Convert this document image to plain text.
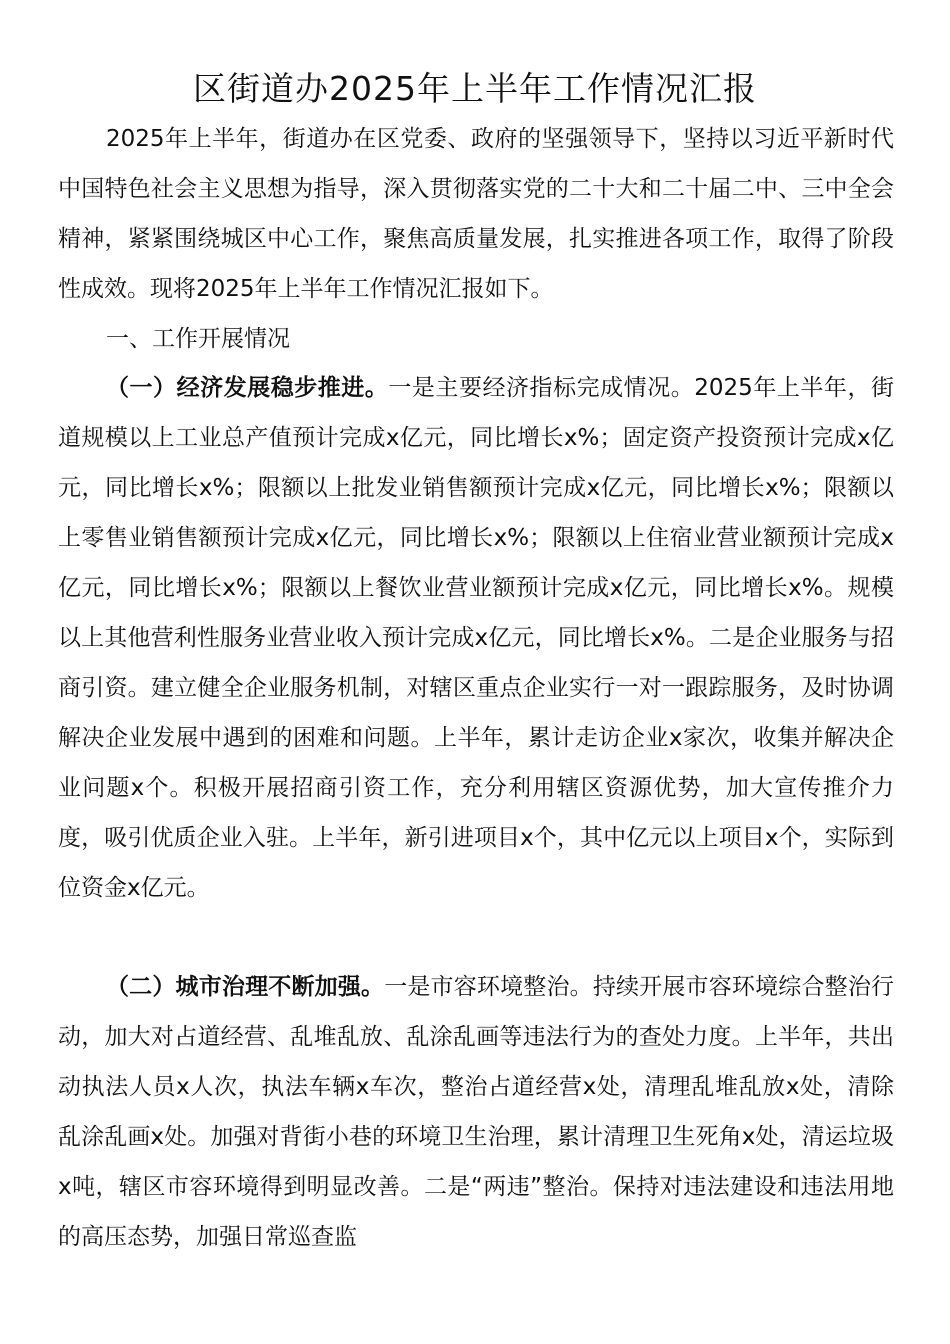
区街道办2025年上半年工作情况汇报

2025年上半年，街道办在区党委、政府的坚强领导下，坚持以习近平新时代中国特色社会主义思想为指导，深入贯彻落实党的二十大和二十届二中、三中全会精神，紧紧围绕城区中心工作，聚焦高质量发展，扎实推进各项工作，取得了阶段性成效。现将2025年上半年工作情况汇报如下。

一、工作开展情况

（一）经济发展稳步推进。一是主要经济指标完成情况。2025年上半年，街道规模以上工业总产值预计完成x亿元，同比增长x%；固定资产投资预计完成x亿元，同比增长x%；限额以上批发业销售额预计完成x亿元，同比增长x%；限额以上零售业销售额预计完成x亿元，同比增长x%；限额以上住宿业营业额预计完成x亿元，同比增长x%；限额以上餐饮业营业额预计完成x亿元，同比增长x%。规模以上其他营利性服务业营业收入预计完成x亿元，同比增长x%。二是企业服务与招商引资。建立健全企业服务机制，对辖区重点企业实行一对一跟踪服务，及时协调解决企业发展中遇到的困难和问题。上半年，累计走访企业x家次，收集并解决企业问题x个。积极开展招商引资工作，充分利用辖区资源优势，加大宣传推介力度，吸引优质企业入驻。上半年，新引进项目x个，其中亿元以上项目x个，实际到位资金x亿元。

（二）城市治理不断加强。一是市容环境整治。持续开展市容环境综合整治行动，加大对占道经营、乱堆乱放、乱涂乱画等违法行为的查处力度。上半年，共出动执法人员x人次，执法车辆x车次，整治占道经营x处，清理乱堆乱放x处，清除乱涂乱画x处。加强对背街小巷的环境卫生治理，累计清理卫生死角x处，清运垃圾x吨，辖区市容环境得到明显改善。二是“两违”整治。保持对违法建设和违法用地的高压态势，加强日常巡查监
